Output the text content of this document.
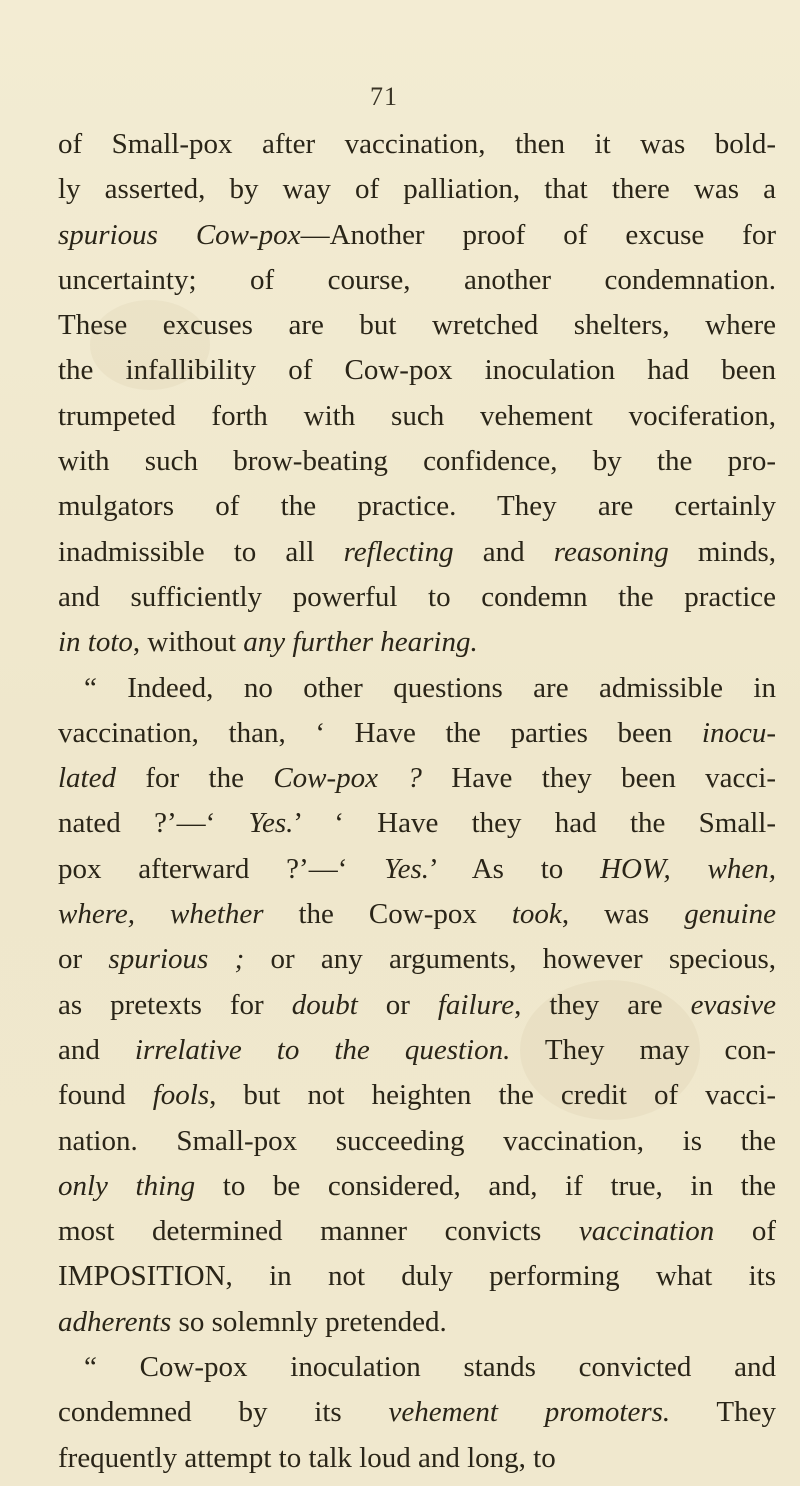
71
of Small-pox after vaccination, then it was bold-
ly asserted, by way of palliation, that there was a
spurious Cow-pox—Another proof of excuse for
uncertainty; of course, another condemnation.
These excuses are but wretched shelters, where
the infallibility of Cow-pox inoculation had been
trumpeted forth with such vehement vociferation,
with such brow-beating confidence, by the pro-
mulgators of the practice. They are certainly
inadmissible to all reflecting and reasoning minds,
and sufficiently powerful to condemn the practice
in toto, without any further hearing.
“ Indeed, no other questions are admissible in
vaccination, than, ‘ Have the parties been inocu-
lated for the Cow-pox ? Have they been vacci-
nated ?’—‘ Yes.’ ‘ Have they had the Small-
pox afterward ?’—‘ Yes.’ As to HOW, when,
where, whether the Cow-pox took, was genuine
or spurious ; or any arguments, however specious,
as pretexts for doubt or failure, they are evasive
and irrelative to the question. They may con-
found fools, but not heighten the credit of vacci-
nation. Small-pox succeeding vaccination, is the
only thing to be considered, and, if true, in the
most determined manner convicts vaccination of
IMPOSITION, in not duly performing what its
adherents so solemnly pretended.
“ Cow-pox inoculation stands convicted and
condemned by its vehement promoters. They
frequently attempt to talk loud and long, to
